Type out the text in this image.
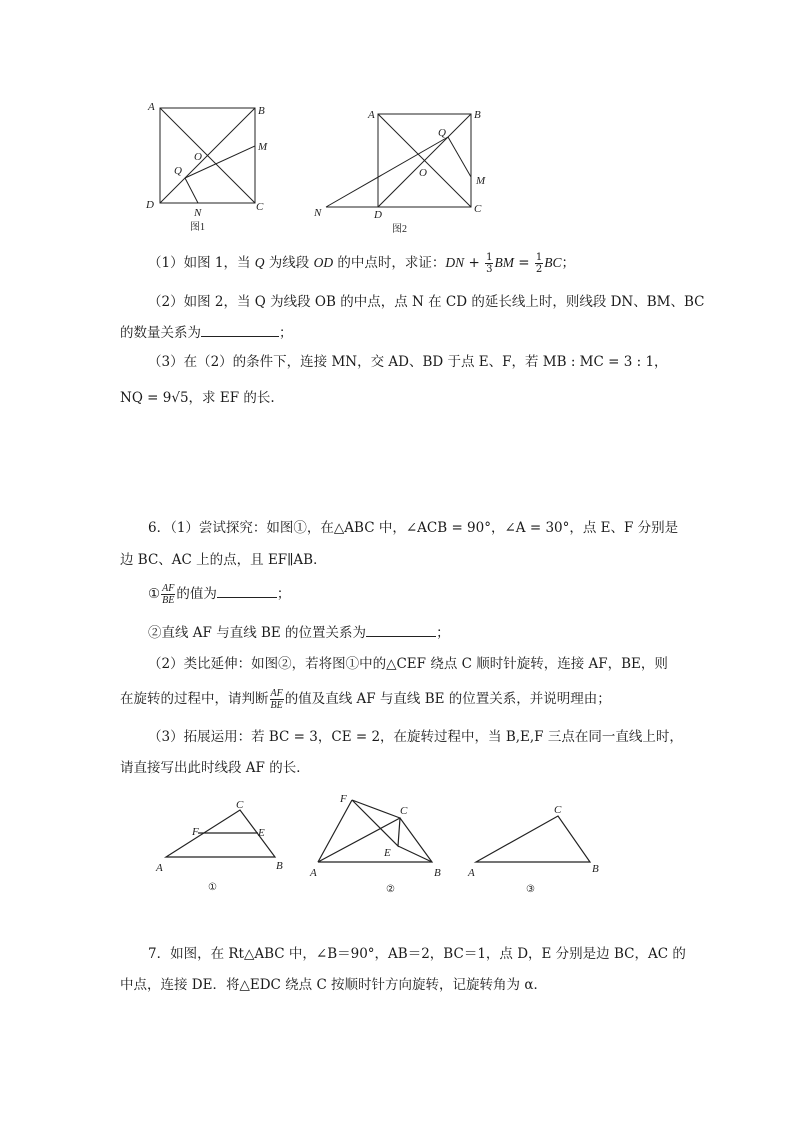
A	B
C
D
O
Q
M
N
图1
A	B
C
D
O
Q
M
N
图2
（1）如图 1，当 Q 为线段 OD 的中点时，求证：DN + $\frac{1}{3}$ BM = $\frac{1}{2}$ BC；
（2）如图 2，当 Q 为线段 OB 的中点，点 N 在 CD 的延长线上时，则线段 DN、BM、BC
的数量关系为	；
（3）在（2）的条件下，连接 MN，交 AD、BD 于点 E、F，若 MB : MC = 3 : 1，
NQ = 9√5，求 EF 的长.
6．（1）尝试探究：如图①，在△ABC 中，∠ACB = 90°，∠A = 30°，点 E、F 分别是
边 BC、AC 上的点，且 EF∥AB．
① $\frac{AF}{BE}$ 的值为	；
②直线 AF 与直线 BE 的位置关系为	；
（2）类比延伸：如图②，若将图①中的△CEF 绕点 C 顺时针旋转，连接 AF，BE，则
在旋转的过程中，请判断 $\frac{AF}{BE}$ 的值及直线 AF 与直线 BE 的位置关系，并说明理由；
（3）拓展运用：若 BC = 3，CE = 2，在旋转过程中，当 B,E,F 三点在同一直线上时，
请直接写出此时线段 AF 的长．
A	B
C
E
F
①
A	B
C
E
F
②
A	B
C
③
7．如图，在 Rt△ABC 中，∠B＝90°，AB＝2，BC＝1，点 D，E 分别是边 BC，AC 的
中点，连接 DE．将△EDC 绕点 C 按顺时针方向旋转，记旋转角为 α．
